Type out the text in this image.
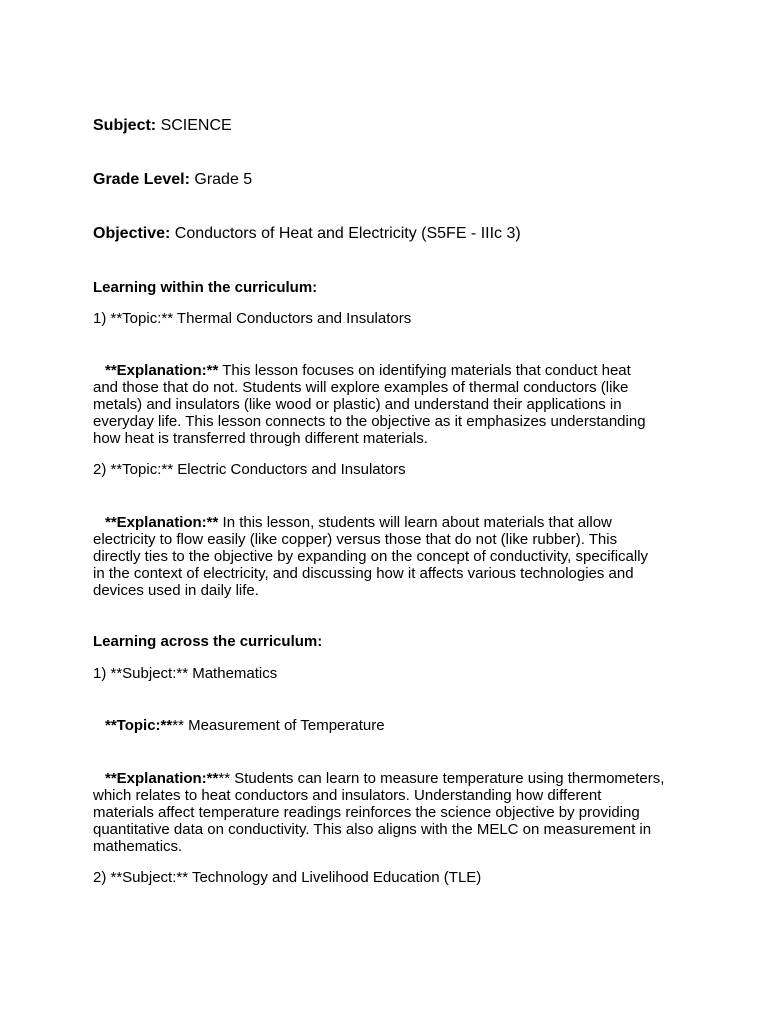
Subject: SCIENCE
Grade Level: Grade 5
Objective: Conductors of Heat and Electricity (S5FE - IIIc 3)
Learning within the curriculum:
1) **Topic:** Thermal Conductors and Insulators

**Explanation:** This lesson focuses on identifying materials that conduct heat

and those that do not. Students will explore examples of thermal conductors (like

metals) and insulators (like wood or plastic) and understand their applications in

everyday life. This lesson connects to the objective as it emphasizes understanding

how heat is transferred through different materials.

2) **Topic:** Electric Conductors and Insulators

**Explanation:** In this lesson, students will learn about materials that allow

electricity to flow easily (like copper) versus those that do not (like rubber). This

directly ties to the objective by expanding on the concept of conductivity, specifically

in the context of electricity, and discussing how it affects various technologies and

devices used in daily life.

Learning across the curriculum:
1) **Subject:** Mathematics
**Topic:**** Measurement of Temperature

**Explanation:**** Students can learn to measure temperature using thermometers,

which relates to heat conductors and insulators. Understanding how different

materials affect temperature readings reinforces the science objective by providing

quantitative data on conductivity. This also aligns with the MELC on measurement in

mathematics.

2) **Subject:** Technology and Livelihood Education (TLE)
